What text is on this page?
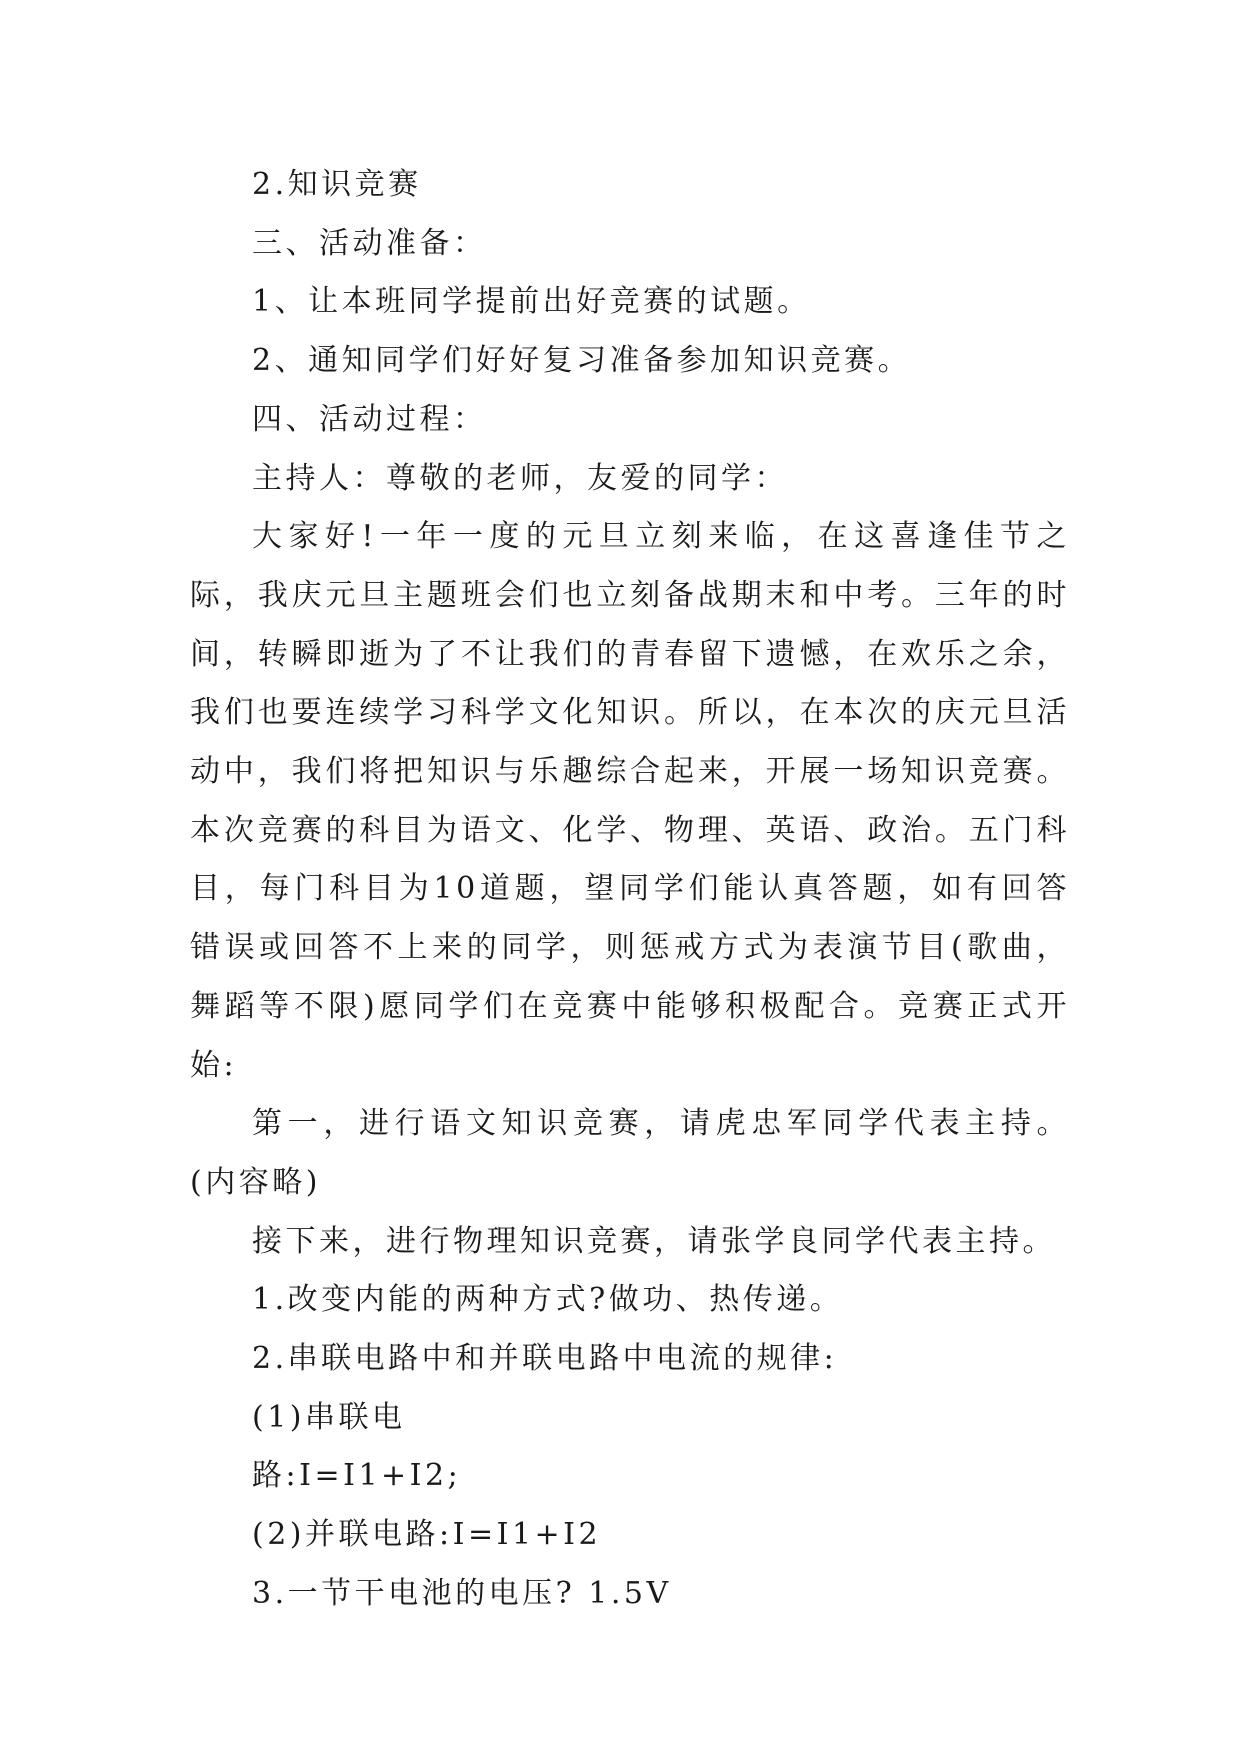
2.知识竞赛

三、活动准备：

1、让本班同学提前出好竞赛的试题。

2、通知同学们好好复习准备参加知识竞赛。

四、活动过程：

主持人：尊敬的老师，友爱的同学：

大家好!一年一度的元旦立刻来临，在这喜逢佳节之际，我庆元旦主题班会们也立刻备战期末和中考。三年的时间，转瞬即逝为了不让我们的青春留下遗憾，在欢乐之余，我们也要连续学习科学文化知识。所以，在本次的庆元旦活动中，我们将把知识与乐趣综合起来，开展一场知识竞赛。本次竞赛的科目为语文、化学、物理、英语、政治。五门科目，每门科目为10道题，望同学们能认真答题，如有回答错误或回答不上来的同学，则惩戒方式为表演节目(歌曲，舞蹈等不限)愿同学们在竞赛中能够积极配合。竞赛正式开始:

第一，进行语文知识竞赛，请虎忠军同学代表主持。(内容略)

接下来，进行物理知识竞赛，请张学良同学代表主持。

1.改变内能的两种方式?做功、热传递。

2.串联电路中和并联电路中电流的规律:

(1)串联电

路:I=I1+I2;

(2)并联电路:I=I1+I2

3.一节干电池的电压? 1.5V
